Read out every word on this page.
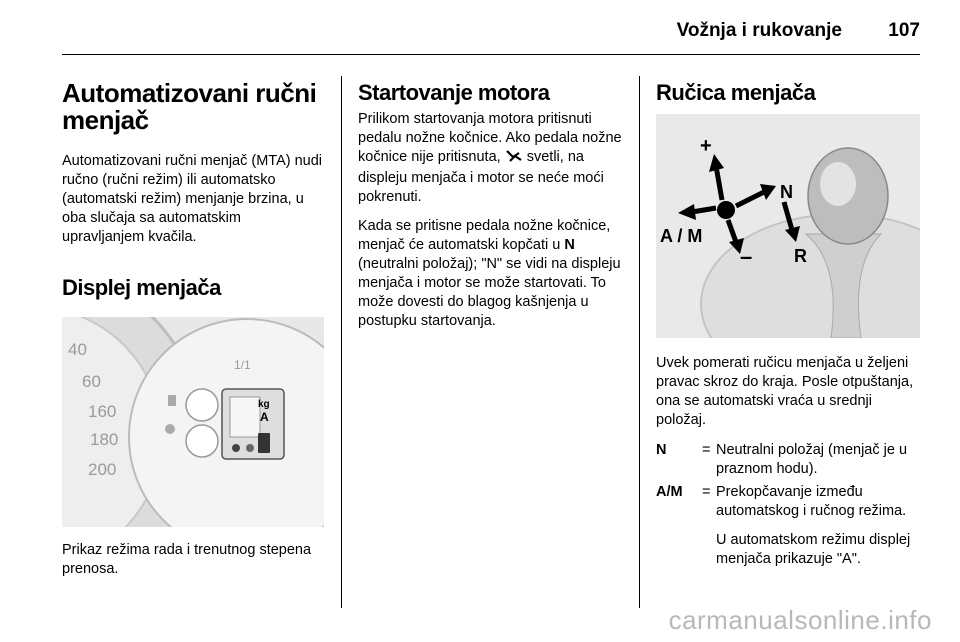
Vožnja i rukovanje 107
Automatizovani ručni menjač

Automatizovani ručni menjač (MTA) nudi ručno (ručni režim) ili automatsko (automatski režim) menjanje brzina, u oba slučaja sa automatskim upravljanjem kvačila.

Displej menjača
40
60
160
180
200
1/1
kg
A

Prikaz režima rada i trenutnog stepena prenosa.

Startovanje motora

Prilikom startovanja motora pritisnuti pedalu nožne kočnice. Ako pedala nožne kočnice nije pritisnuta, svetli, na displeju menjača i motor se neće moći pokrenuti.

Kada se pritisne pedala nožne kočnice, menjač će automatski kopčati u N (neutralni položaj); "N" se vidi na displeju menjača i motor se može startovati. To može dovesti do blagog kašnjenja u postupku startovanja.

Ručica menjača
+
N
A / M
– R

Uvek pomerati ručicu menjača u željeni pravac skroz do kraja. Posle otpuštanja, ona se automatski vraća u srednji položaj.

N	= Neutralni položaj (menjač je u praznom hodu).
A/M	= Prekopčavanje između automatskog i ručnog režima.
U automatskom režimu displej menjača prikazuje "A".
carmanualsonline.info
